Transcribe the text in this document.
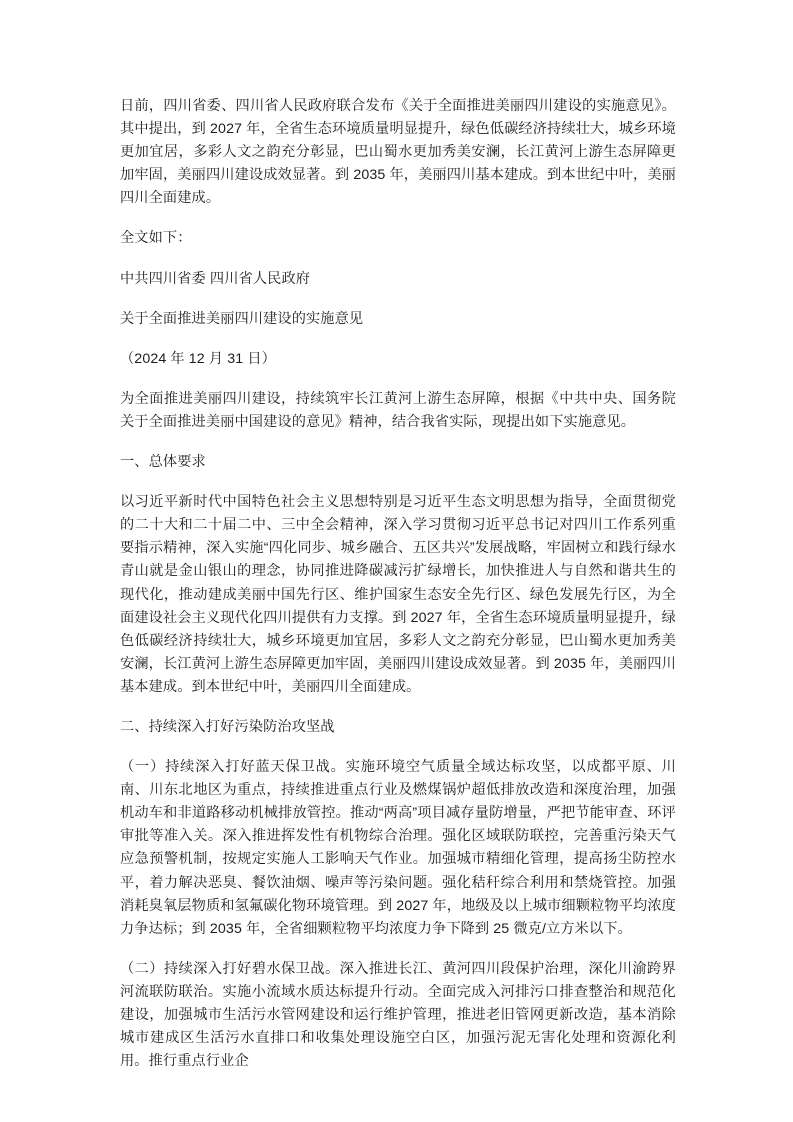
日前，四川省委、四川省人民政府联合发布《关于全面推进美丽四川建设的实施意见》。其中提出，到 2027 年，全省生态环境质量明显提升，绿色低碳经济持续壮大，城乡环境更加宜居，多彩人文之韵充分彰显，巴山蜀水更加秀美安澜，长江黄河上游生态屏障更加牢固，美丽四川建设成效显著。到 2035 年，美丽四川基本建成。到本世纪中叶，美丽四川全面建成。

全文如下：

中共四川省委 四川省人民政府

关于全面推进美丽四川建设的实施意见

（2024 年 12 月 31 日）

为全面推进美丽四川建设，持续筑牢长江黄河上游生态屏障，根据《中共中央、国务院关于全面推进美丽中国建设的意见》精神，结合我省实际，现提出如下实施意见。

一、总体要求

以习近平新时代中国特色社会主义思想特别是习近平生态文明思想为指导，全面贯彻党的二十大和二十届二中、三中全会精神，深入学习贯彻习近平总书记对四川工作系列重要指示精神，深入实施“四化同步、城乡融合、五区共兴”发展战略，牢固树立和践行绿水青山就是金山银山的理念，协同推进降碳减污扩绿增长，加快推进人与自然和谐共生的现代化，推动建成美丽中国先行区、维护国家生态安全先行区、绿色发展先行区，为全面建设社会主义现代化四川提供有力支撑。到 2027 年，全省生态环境质量明显提升，绿色低碳经济持续壮大，城乡环境更加宜居，多彩人文之韵充分彰显，巴山蜀水更加秀美安澜，长江黄河上游生态屏障更加牢固，美丽四川建设成效显著。到 2035 年，美丽四川基本建成。到本世纪中叶，美丽四川全面建成。

二、持续深入打好污染防治攻坚战

（一）持续深入打好蓝天保卫战。实施环境空气质量全域达标攻坚，以成都平原、川南、川东北地区为重点，持续推进重点行业及燃煤锅炉超低排放改造和深度治理，加强机动车和非道路移动机械排放管控。推动“两高”项目减存量防增量，严把节能审查、环评审批等准入关。深入推进挥发性有机物综合治理。强化区域联防联控，完善重污染天气应急预警机制，按规定实施人工影响天气作业。加强城市精细化管理，提高扬尘防控水平，着力解决恶臭、餐饮油烟、噪声等污染问题。强化秸秆综合利用和禁烧管控。加强消耗臭氧层物质和氢氟碳化物环境管理。到 2027 年，地级及以上城市细颗粒物平均浓度力争达标；到 2035 年，全省细颗粒物平均浓度力争下降到 25 微克/立方米以下。

（二）持续深入打好碧水保卫战。深入推进长江、黄河四川段保护治理，深化川渝跨界河流联防联治。实施小流域水质达标提升行动。全面完成入河排污口排查整治和规范化建设，加强城市生活污水管网建设和运行维护管理，推进老旧管网更新改造，基本消除城市建成区生活污水直排口和收集处理设施空白区，加强污泥无害化处理和资源化利用。推行重点行业企
